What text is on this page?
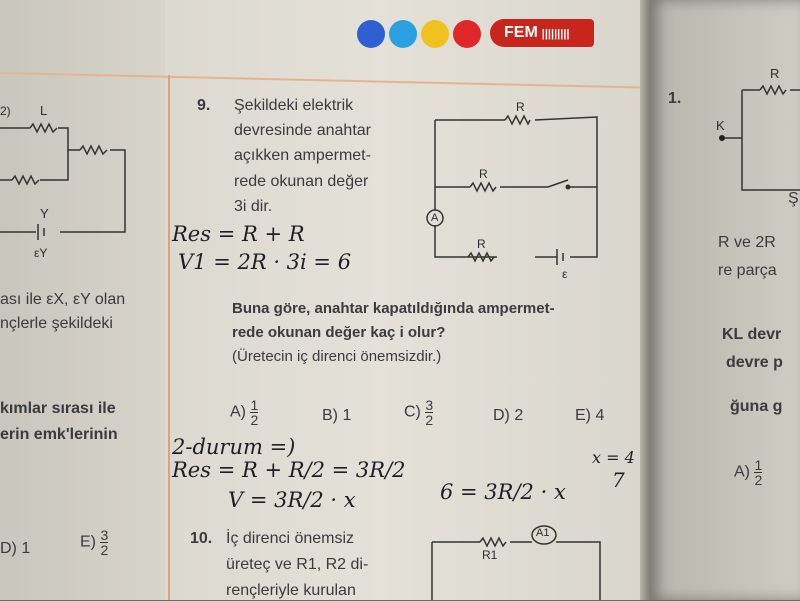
FEM |||||||||
2) L
Y
εY
ası ile εX, εY olan
nçlerle şekildeki
kımlar sırası ile
erin emk'lerinin
D) 1	$E) \frac{3}{2}$
9. Şekildeki elektrik
devresinde anahtar
açıkken ampermet-
rede okunan değer
3i dir.
R
R
R
A
ε
Buna göre, anahtar kapatıldığında ampermet-
rede okunan değer kaç i olur?
(Üretecin iç direnci önemsizdir.)
$A) \frac{1}{2}$	B) 1	$C) \frac{3}{2}$	D) 2	E) 4
Res = R + R
V1 = 2R · 3i = 6
2-durum =)
Res = R + R/2 = 3R/2
V = 3R/2 · x	6 = 3R/2 · x
x = 4
7
10. İç direnci önemsiz
üreteç ve R1, R2 di-
rençleriyle kurulan
R1
A1
1.
R
K
Ş
R ve 2R
re parça
KL devr
devre p
ğuna g
$A) \frac{1}{2}$
